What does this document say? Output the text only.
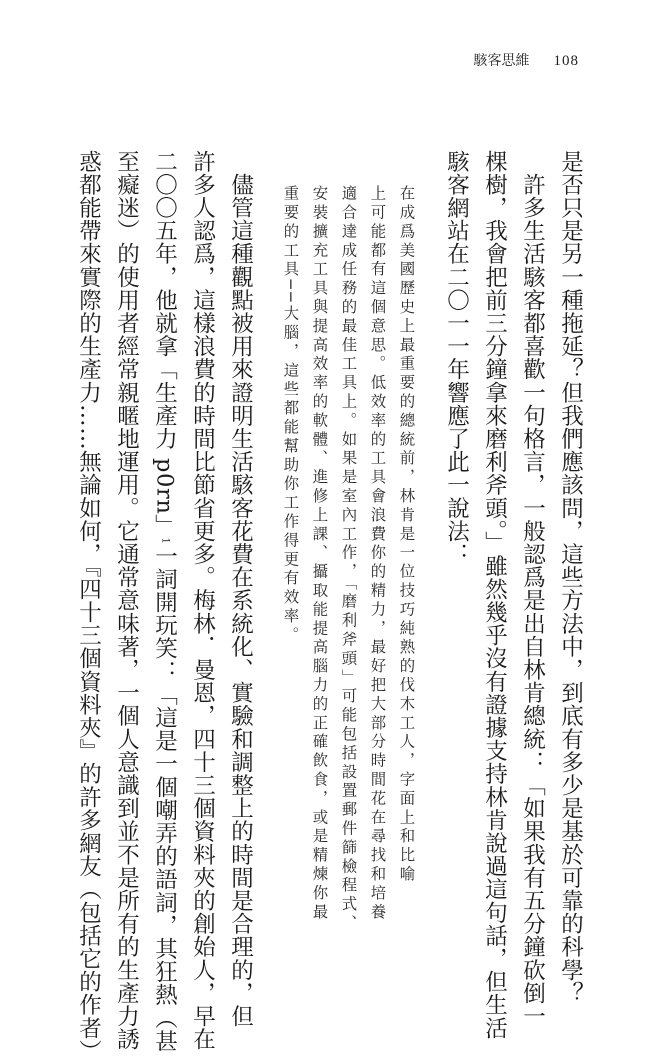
駭客思維 108
是否只是另一種拖延？但我們應該問，這些方法中，到底有多少是基於可靠的科學？
　許多生活駭客都喜歡一句格言，一般認爲是出自林肯總統：「如果我有五分鐘砍倒一
棵樹，我會把前三分鐘拿來磨利斧頭。」雖然幾乎沒有證據支持林肯說過這句話，但生活
駭客網站在二〇一一年響應了此一說法：
在成爲美國歷史上最重要的總統前，林肯是一位技巧純熟的伐木工人，字面上和比喻
上可能都有這個意思。低效率的工具會浪費你的精力，最好把大部分時間花在尋找和培養
適合達成任務的最佳工具上。如果是室內工作，「磨利斧頭」可能包括設置郵件篩檢程式、
安裝擴充工具與提高效率的軟體、進修上課、攝取能提高腦力的正確飲食，或是精煉你最
重要的工具──大腦，這些都能幫助你工作得更有效率。
　儘管這種觀點被用來證明生活駭客花費在系統化、實驗和調整上的時間是合理的，但
許多人認爲，這樣浪費的時間比節省更多。梅林．曼恩，四十三個資料夾的創始人，早在
二〇〇五年，他就拿「生產力 p0rn」1一詞開玩笑：「這是一個嘲弄的語詞，其狂熱（甚
至癡迷）的使用者經常親暱地運用。它通常意味著，一個人意識到並不是所有的生產力誘
惑都能帶來實際的生產力……無論如何，『四十三個資料夾』的許多網友（包括它的作者）
